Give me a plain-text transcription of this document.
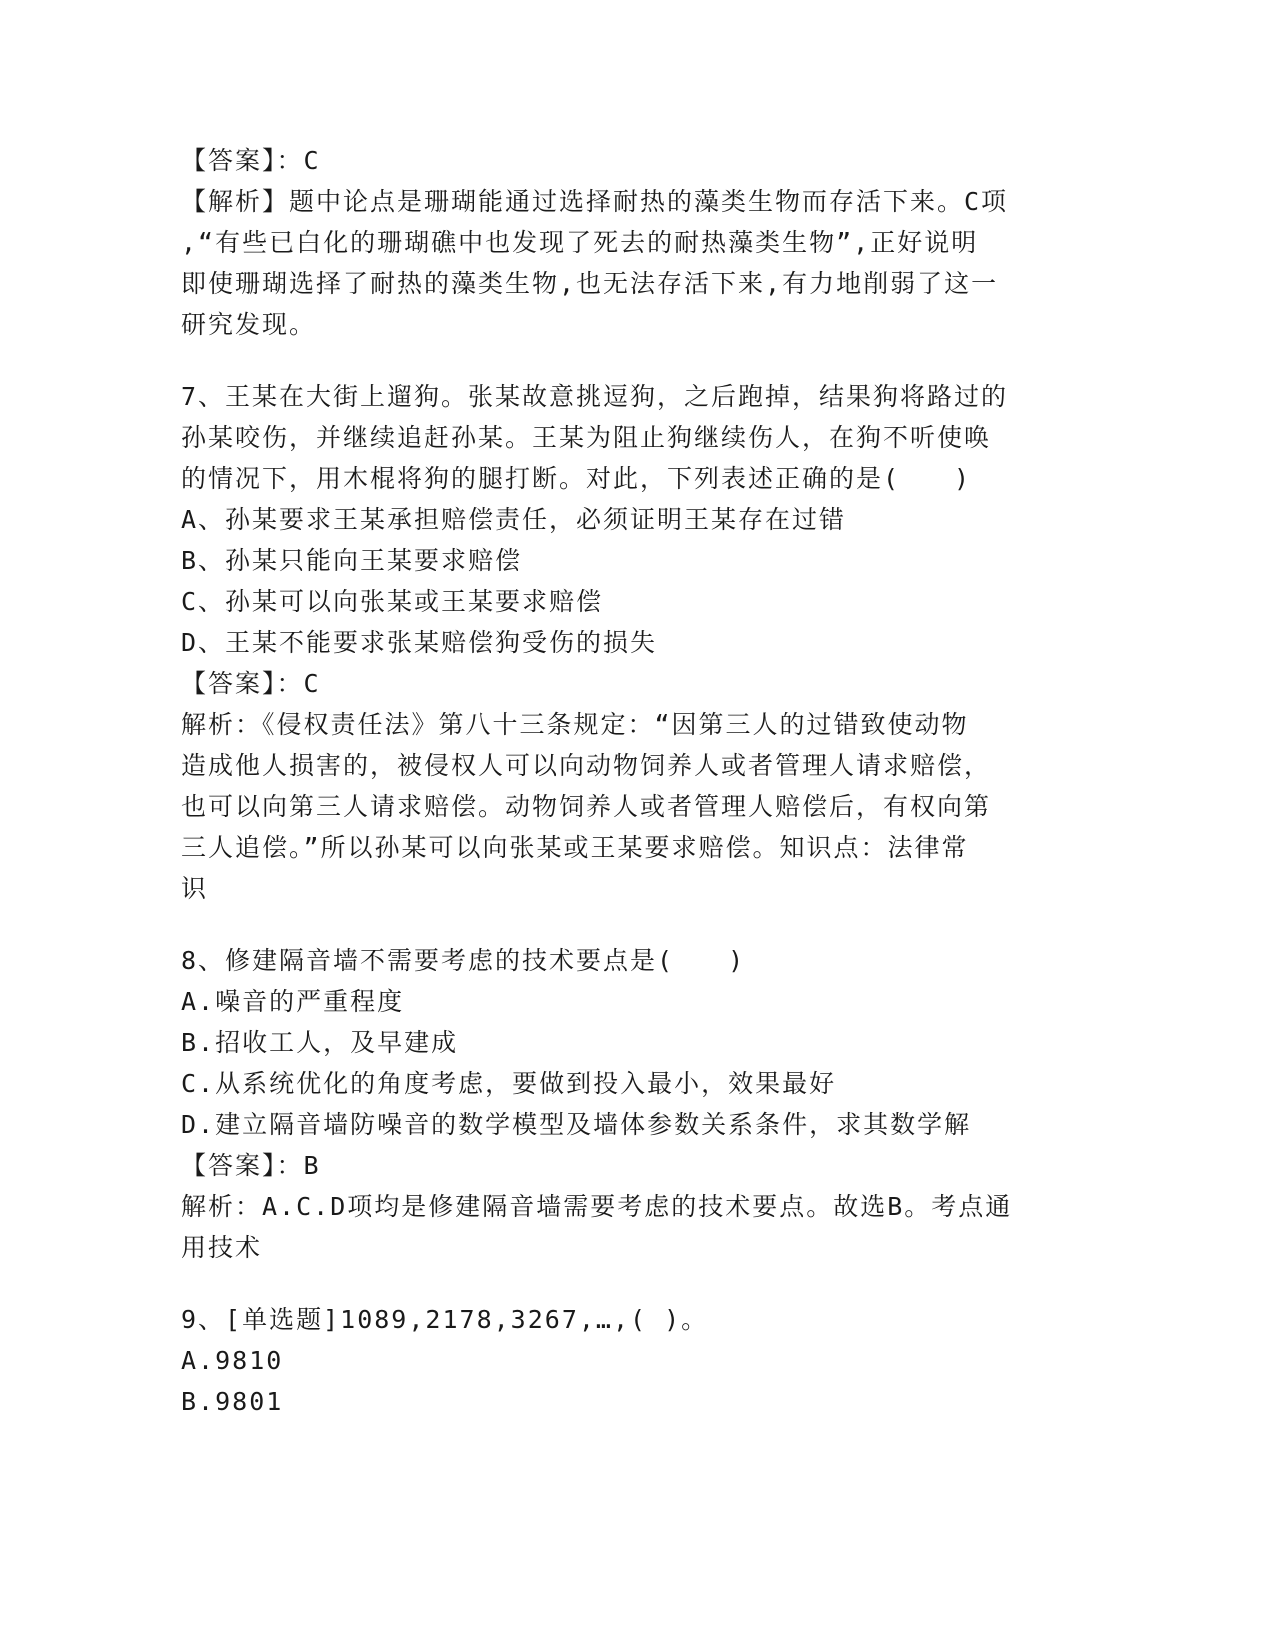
【答案】：C
【解析】题中论点是珊瑚能通过选择耐热的藻类生物而存活下来。C项
,“有些已白化的珊瑚礁中也发现了死去的耐热藻类生物”,正好说明
即使珊瑚选择了耐热的藻类生物,也无法存活下来,有力地削弱了这一
研究发现。
7、王某在大街上遛狗。张某故意挑逗狗，之后跑掉，结果狗将路过的
孙某咬伤，并继续追赶孙某。王某为阻止狗继续伤人，在狗不听使唤
的情况下，用木棍将狗的腿打断。对此，下列表述正确的是(　　)
A、孙某要求王某承担赔偿责任，必须证明王某存在过错
B、孙某只能向王某要求赔偿
C、孙某可以向张某或王某要求赔偿
D、王某不能要求张某赔偿狗受伤的损失
【答案】：C
解析：《侵权责任法》第八十三条规定：“因第三人的过错致使动物
造成他人损害的，被侵权人可以向动物饲养人或者管理人请求赔偿，
也可以向第三人请求赔偿。动物饲养人或者管理人赔偿后，有权向第
三人追偿。”所以孙某可以向张某或王某要求赔偿。知识点：法律常
识
8、修建隔音墙不需要考虑的技术要点是(　　)
A.噪音的严重程度
B.招收工人，及早建成
C.从系统优化的角度考虑，要做到投入最小，效果最好
D.建立隔音墙防噪音的数学模型及墙体参数关系条件，求其数学解
【答案】：B
解析：A.C.D项均是修建隔音墙需要考虑的技术要点。故选B。考点通
用技术
9、[单选题]1089,2178,3267,…,( )。
A.9810
B.9801
